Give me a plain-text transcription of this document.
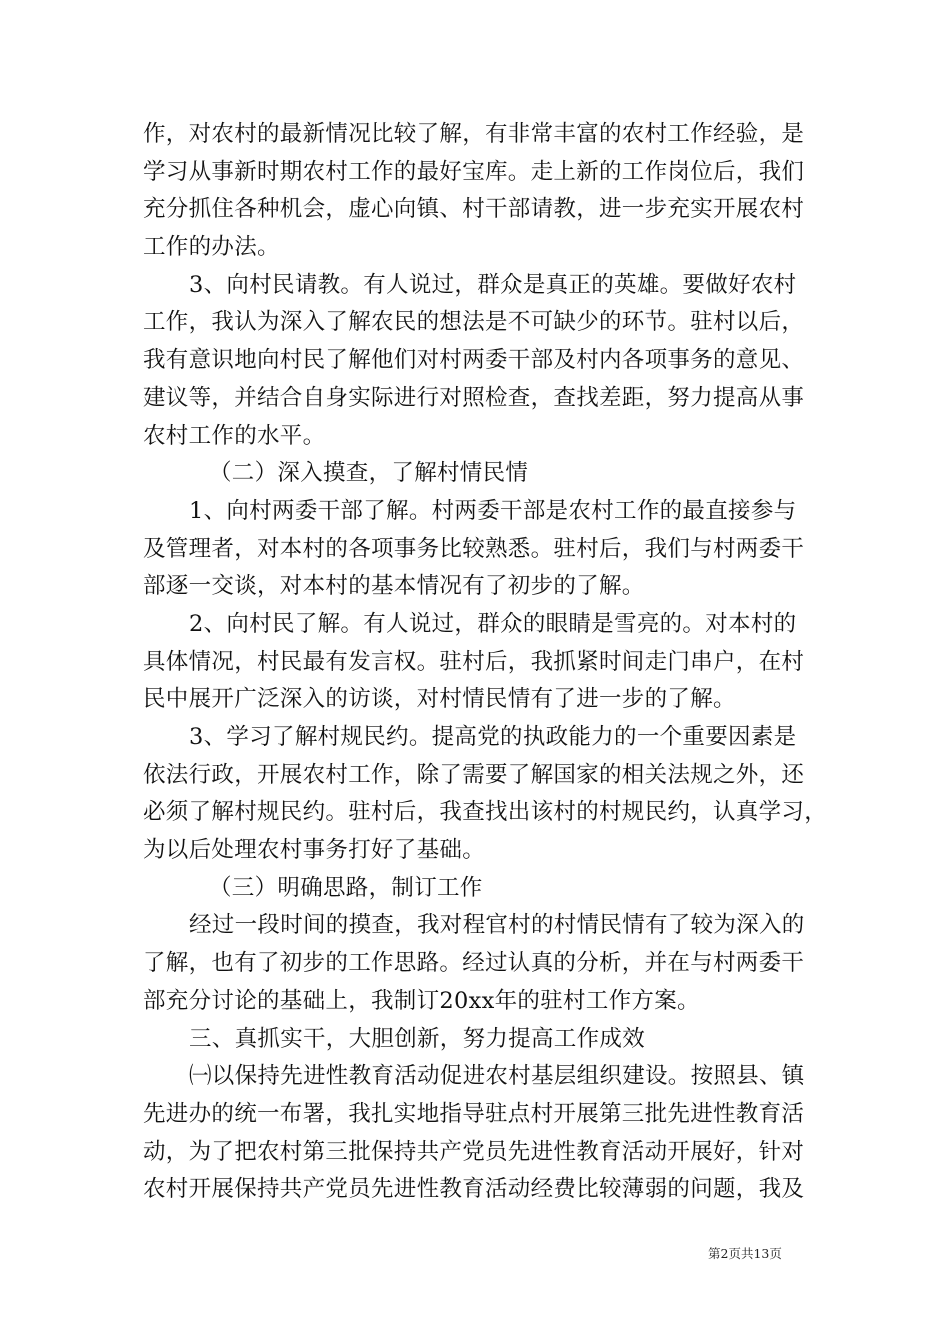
作，对农村的最新情况比较了解，有非常丰富的农村工作经验，是
学习从事新时期农村工作的最好宝库。走上新的工作岗位后，我们
充分抓住各种机会，虚心向镇、村干部请教，进一步充实开展农村
工作的办法。
3、向村民请教。有人说过，群众是真正的英雄。要做好农村
工作，我认为深入了解农民的想法是不可缺少的环节。驻村以后，
我有意识地向村民了解他们对村两委干部及村内各项事务的意见、
建议等，并结合自身实际进行对照检查，查找差距，努力提高从事
农村工作的水平。
（二）深入摸查，了解村情民情
1、向村两委干部了解。村两委干部是农村工作的最直接参与
及管理者，对本村的各项事务比较熟悉。驻村后，我们与村两委干
部逐一交谈，对本村的基本情况有了初步的了解。
2、向村民了解。有人说过，群众的眼睛是雪亮的。对本村的
具体情况，村民最有发言权。驻村后，我抓紧时间走门串户，在村
民中展开广泛深入的访谈，对村情民情有了进一步的了解。
3、学习了解村规民约。提高党的执政能力的一个重要因素是
依法行政，开展农村工作，除了需要了解国家的相关法规之外，还
必须了解村规民约。驻村后，我查找出该村的村规民约，认真学习，
为以后处理农村事务打好了基础。
（三）明确思路，制订工作
经过一段时间的摸查，我对程官村的村情民情有了较为深入的
了解，也有了初步的工作思路。经过认真的分析，并在与村两委干
部充分讨论的基础上，我制订20xx年的驻村工作方案。
三、真抓实干，大胆创新，努力提高工作成效
㈠以保持先进性教育活动促进农村基层组织建设。按照县、镇
先进办的统一布署，我扎实地指导驻点村开展第三批先进性教育活
动，为了把农村第三批保持共产党员先进性教育活动开展好，针对
农村开展保持共产党员先进性教育活动经费比较薄弱的问题，我及
第2页共13页
